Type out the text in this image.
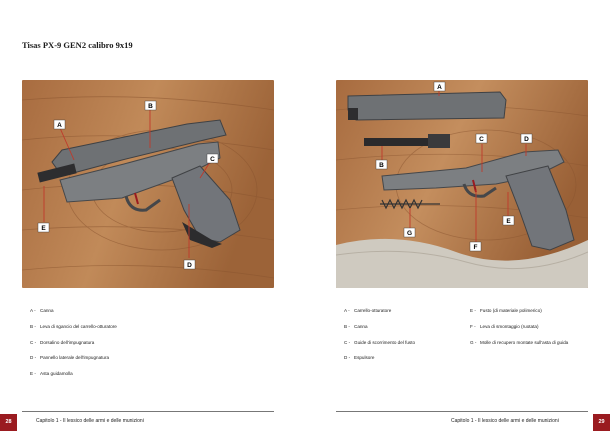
Tisas PX-9 GEN2 calibro 9x19
A
B
C
D
E
A - Canna
B - Leva di sgancio del carrello-otturatore
C - Dorsalino dell'impugnatura
D - Pannello laterale dell'impugnatura
E - Asta guidamolla
28	Capitolo 1 - Il lessico delle armi e delle munizioni	Capitolo 1 - Il lessico delle armi e delle munizioni	29
A
B
C	D
E
F
G
A - Carrello-otturatore
B - Canna
C - Guide di scorrimento del fusto
D - Espulsore
E - Fusto (di materiale polimerico)
F - Leva di smontaggio (ruotata)
G - Molle di recupero montate sull'asta di guida
